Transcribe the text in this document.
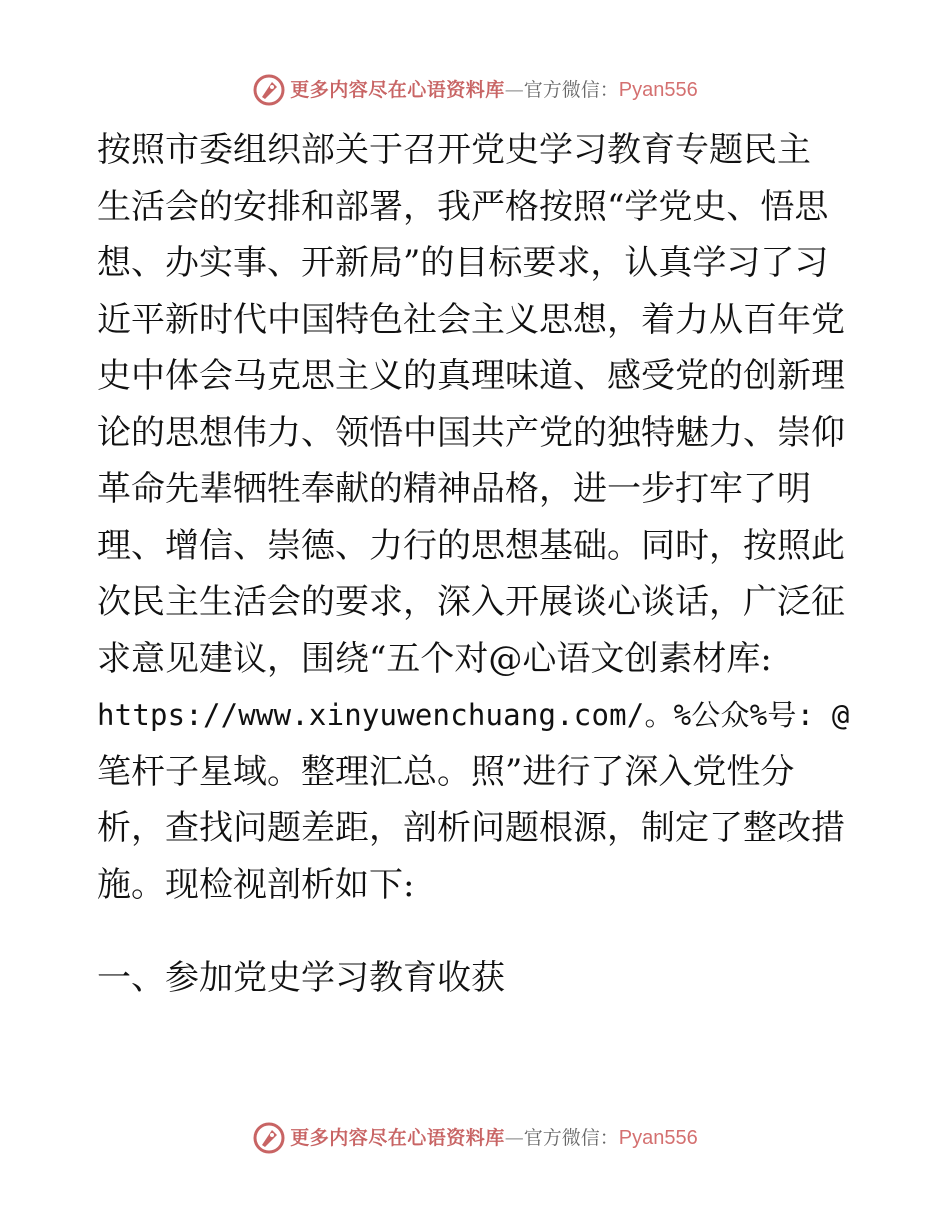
更多内容尽在心语资料库 — 官方微信： Pyan556
按照市委组织部关于召开党史学习教育专题民主
生活会的安排和部署，我严格按照“学党史、悟思
想、办实事、开新局”的目标要求，认真学习了习
近平新时代中国特色社会主义思想，着力从百年党
史中体会马克思主义的真理味道、感受党的创新理
论的思想伟力、领悟中国共产党的独特魅力、崇仰
革命先辈牺牲奉献的精神品格，进一步打牢了明
理、增信、崇德、力行的思想基础。同时，按照此
次民主生活会的要求，深入开展谈心谈话，广泛征
求意见建议，围绕“五个对@心语文创素材库:
https://www.xinyuwenchuang.com/。%公众%号: @
笔杆子星域。整理汇总。照”进行了深入党性分
析，查找问题差距，剖析问题根源，制定了整改措
施。现检视剖析如下:
一、参加党史学习教育收获
更多内容尽在心语资料库 — 官方微信： Pyan556
